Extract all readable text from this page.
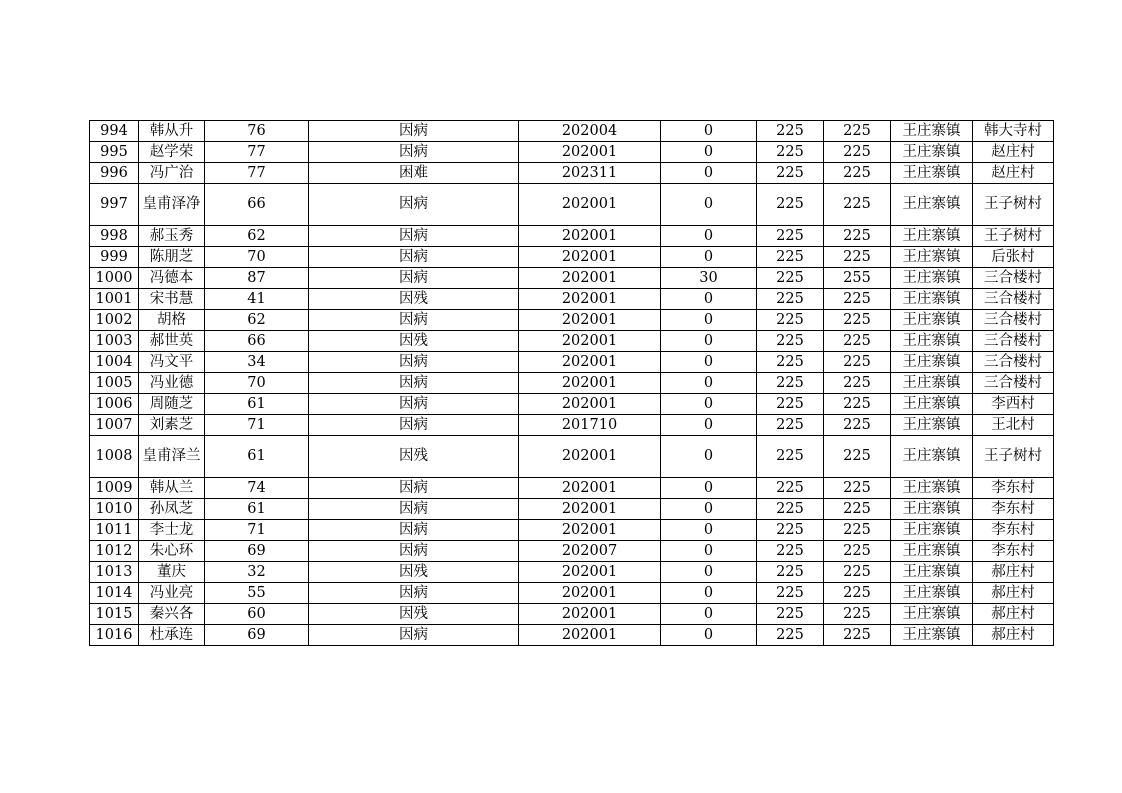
994	韩从升	76	因病	202004	0	225	225	王庄寨镇	韩大寺村
995	赵学荣	77	因病	202001	0	225	225	王庄寨镇	赵庄村
996	冯广治	77	困难	202311	0	225	225	王庄寨镇	赵庄村
997	皇甫泽净	66	因病	202001	0	225	225	王庄寨镇	王子树村
998	郝玉秀	62	因病	202001	0	225	225	王庄寨镇	王子树村
999	陈朋芝	70	因病	202001	0	225	225	王庄寨镇	后张村
1000	冯德本	87	因病	202001	30	225	255	王庄寨镇	三合楼村
1001	宋书慧	41	因残	202001	0	225	225	王庄寨镇	三合楼村
1002	胡格	62	因病	202001	0	225	225	王庄寨镇	三合楼村
1003	郝世英	66	因残	202001	0	225	225	王庄寨镇	三合楼村
1004	冯文平	34	因病	202001	0	225	225	王庄寨镇	三合楼村
1005	冯业德	70	因病	202001	0	225	225	王庄寨镇	三合楼村
1006	周随芝	61	因病	202001	0	225	225	王庄寨镇	李西村
1007	刘素芝	71	因病	201710	0	225	225	王庄寨镇	王北村
1008	皇甫泽兰	61	因残	202001	0	225	225	王庄寨镇	王子树村
1009	韩从兰	74	因病	202001	0	225	225	王庄寨镇	李东村
1010	孙凤芝	61	因病	202001	0	225	225	王庄寨镇	李东村
1011	李士龙	71	因病	202001	0	225	225	王庄寨镇	李东村
1012	朱心环	69	因病	202007	0	225	225	王庄寨镇	李东村
1013	董庆	32	因残	202001	0	225	225	王庄寨镇	郝庄村
1014	冯业亮	55	因病	202001	0	225	225	王庄寨镇	郝庄村
1015	秦兴各	60	因残	202001	0	225	225	王庄寨镇	郝庄村
1016	杜承连	69	因病	202001	0	225	225	王庄寨镇	郝庄村
